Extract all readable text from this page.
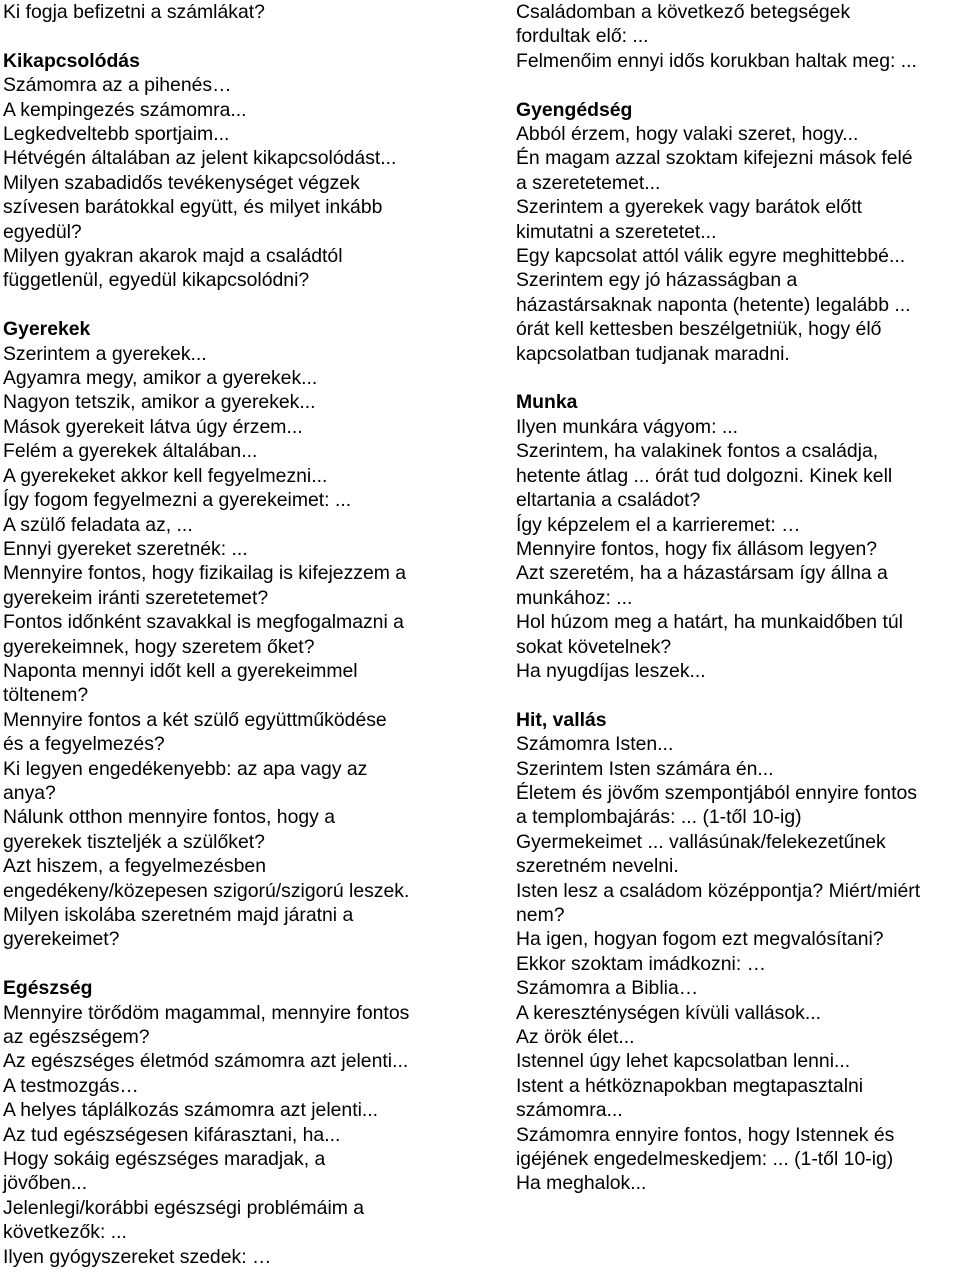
Ki fogja befizetni a számlákat?
Kikapcsolódás
Számomra az a pihenés…
A kempingezés számomra...
Legkedveltebb sportjaim...
Hétvégén általában az jelent kikapcsolódást...
Milyen szabadidős tevékenységet végzek
szívesen barátokkal együtt, és milyet inkább
egyedül?
Milyen gyakran akarok majd a családtól
függetlenül, egyedül kikapcsolódni?
Gyerekek
Szerintem a gyerekek...
Agyamra megy, amikor a gyerekek...
Nagyon tetszik, amikor a gyerekek...
Mások gyerekeit látva úgy érzem...
Felém a gyerekek általában...
A gyerekeket akkor kell fegyelmezni...
Így fogom fegyelmezni a gyerekeimet: ...
A szülő feladata az, ...
Ennyi gyereket szeretnék: ...
Mennyire fontos, hogy fizikailag is kifejezzem a
gyerekeim iránti szeretetemet?
Fontos időnként szavakkal is megfogalmazni a
gyerekeimnek, hogy szeretem őket?
Naponta mennyi időt kell a gyerekeimmel
töltenem?
Mennyire fontos a két szülő együttműködése
és a fegyelmezés?
Ki legyen engedékenyebb: az apa vagy az
anya?
Nálunk otthon mennyire fontos, hogy a
gyerekek tiszteljék a szülőket?
Azt hiszem, a fegyelmezésben
engedékeny/közepesen szigorú/szigorú leszek.
Milyen iskolába szeretném majd járatni a
gyerekeimet?
Egészség
Mennyire törődöm magammal, mennyire fontos
az egészségem?
Az egészséges életmód számomra azt jelenti...
A testmozgás…
A helyes táplálkozás számomra azt jelenti...
Az tud egészségesen kifárasztani, ha...
Hogy sokáig egészséges maradjak, a
jövőben...
Jelenlegi/korábbi egészségi problémáim a
következők: ...
Ilyen gyógyszereket szedek: …
Családomban a következő betegségek
fordultak elő: ...
Felmenőim ennyi idős korukban haltak meg: ...
Gyengédség
Abból érzem, hogy valaki szeret, hogy...
Én magam azzal szoktam kifejezni mások felé
a szeretetemet...
Szerintem a gyerekek vagy barátok előtt
kimutatni a szeretetet...
Egy kapcsolat attól válik egyre meghittebbé...
Szerintem egy jó házasságban a
házastársaknak naponta (hetente) legalább ...
órát kell kettesben beszélgetniük, hogy élő
kapcsolatban tudjanak maradni.
Munka
Ilyen munkára vágyom: ...
Szerintem, ha valakinek fontos a családja,
hetente átlag ... órát tud dolgozni. Kinek kell
eltartania a családot?
Így képzelem el a karrieremet: …
Mennyire fontos, hogy fix állásom legyen?
Azt szeretém, ha a házastársam így állna a
munkához: ...
Hol húzom meg a határt, ha munkaidőben túl
sokat követelnek?
Ha nyugdíjas leszek...
Hit, vallás
Számomra Isten...
Szerintem Isten számára én...
Életem és jövőm szempontjából ennyire fontos
a templombajárás: ... (1-től 10-ig)
Gyermekeimet ... vallásúnak/felekezetűnek
szeretném nevelni.
Isten lesz a családom középpontja? Miért/miért
nem?
Ha igen, hogyan fogom ezt megvalósítani?
Ekkor szoktam imádkozni: …
Számomra a Biblia…
A kereszténységen kívüli vallások...
Az örök élet...
Istennel úgy lehet kapcsolatban lenni...
Istent a hétköznapokban megtapasztalni
számomra...
Számomra ennyire fontos, hogy Istennek és
igéjének engedelmeskedjem: ... (1-től 10-ig)
Ha meghalok...
